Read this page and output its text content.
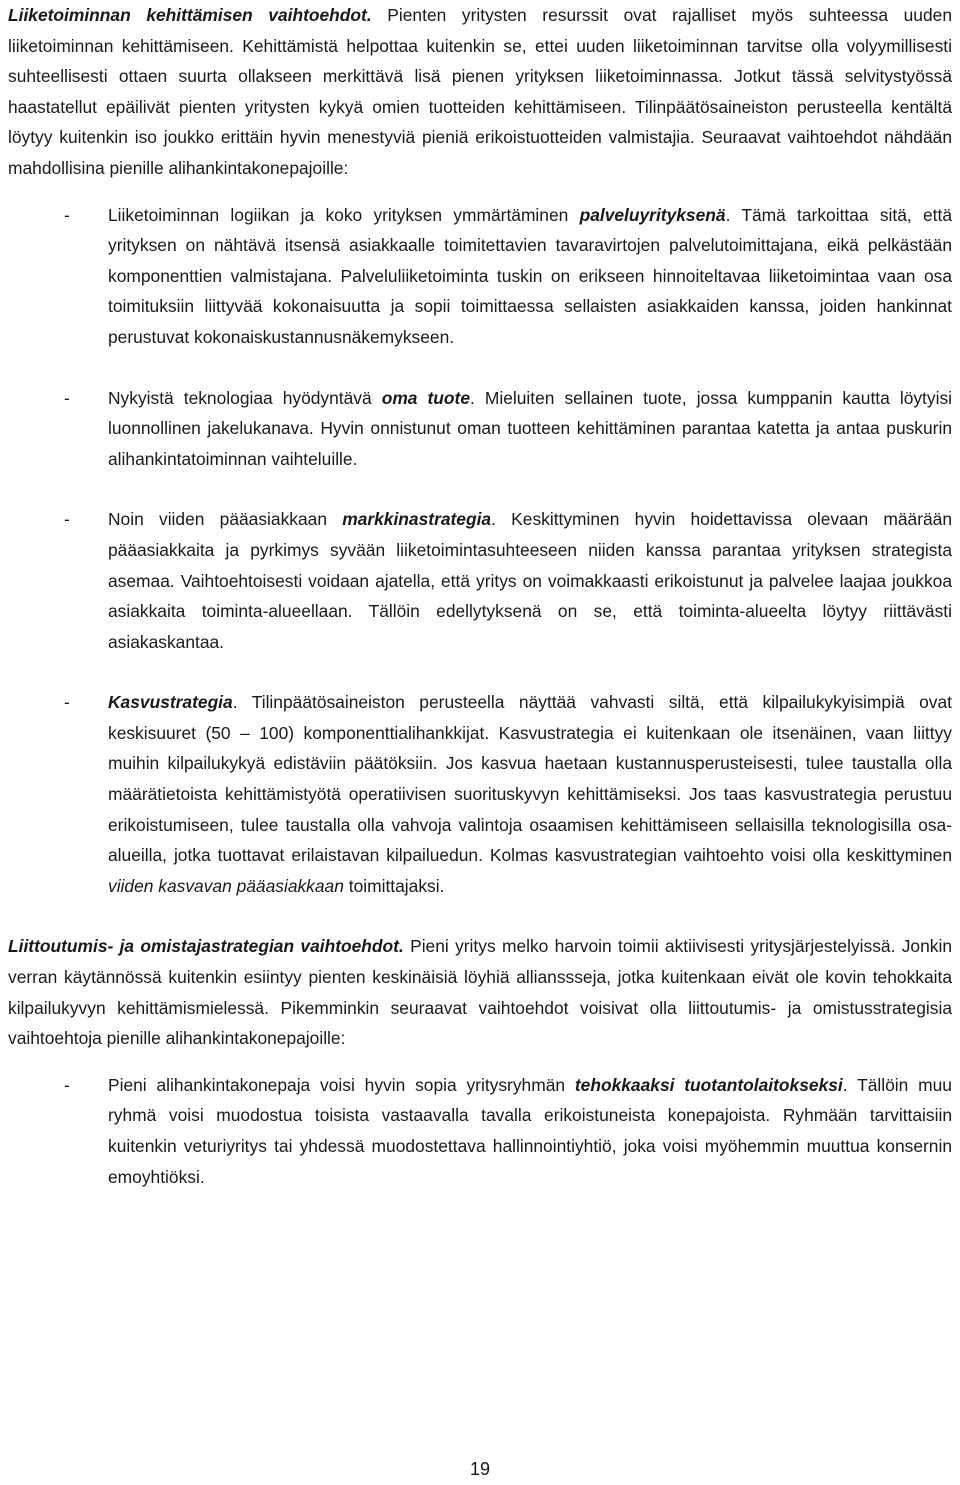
Liiketoiminnan kehittämisen vaihtoehdot. Pienten yritysten resurssit ovat rajalliset myös suhteessa uuden liiketoiminnan kehittämiseen. Kehittämistä helpottaa kuitenkin se, ettei uuden liiketoiminnan tarvitse olla volyymillisesti suhteellisesti ottaen suurta ollakseen merkittävä lisä pienen yrityksen liiketoiminnassa. Jotkut tässä selvitystyössä haastatellut epäilivät pienten yritysten kykyä omien tuotteiden kehittämiseen. Tilinpäätösaineiston perusteella kentältä löytyy kuitenkin iso joukko erittäin hyvin menestyviä pieniä erikoistuotteiden valmistajia. Seuraavat vaihtoehdot nähdään mahdollisina pienille alihankintakonepajoille:

- Liiketoiminnan logiikan ja koko yrityksen ymmärtäminen palveluyrityksenä. Tämä tarkoittaa sitä, että yrityksen on nähtävä itsensä asiakkaalle toimitettavien tavaravirtojen palvelutoimittajana, eikä pelkästään komponenttien valmistajana. Palveluliiketoiminta tuskin on erikseen hinnoiteltavaa liiketoimintaa vaan osa toimituksiin liittyvää kokonaisuutta ja sopii toimittaessa sellaisten asiakkaiden kanssa, joiden hankinnat perustuvat kokonaiskustannusnäkemykseen.
- Nykyistä teknologiaa hyödyntävä oma tuote. Mieluiten sellainen tuote, jossa kumppanin kautta löytyisi luonnollinen jakelukanava. Hyvin onnistunut oman tuotteen kehittäminen parantaa katetta ja antaa puskurin alihankintatoiminnan vaihteluille.
- Noin viiden pääasiakkaan markkinastrategia. Keskittyminen hyvin hoidettavissa olevaan määrään pääasiakkaita ja pyrkimys syvään liiketoimintasuhteeseen niiden kanssa parantaa yrityksen strategista asemaa. Vaihtoehtoisesti voidaan ajatella, että yritys on voimakkaasti erikoistunut ja palvelee laajaa joukkoa asiakkaita toiminta-alueellaan. Tällöin edellytyksenä on se, että toiminta-alueelta löytyy riittävästi asiakaskantaa.
- Kasvustrategia. Tilinpäätösaineiston perusteella näyttää vahvasti siltä, että kilpailukykyisimpiä ovat keskisuuret (50 – 100) komponenttialihankkijat. Kasvustrategia ei kuitenkaan ole itsenäinen, vaan liittyy muihin kilpailukykyä edistäviin päätöksiin. Jos kasvua haetaan kustannusperusteisesti, tulee taustalla olla määrätietoista kehittämistyötä operatiivisen suorituskyvyn kehittämiseksi. Jos taas kasvustrategia perustuu erikoistumiseen, tulee taustalla olla vahvoja valintoja osaamisen kehittämiseen sellaisilla teknologisilla osa-alueilla, jotka tuottavat erilaistavan kilpailuedun. Kolmas kasvustrategian vaihtoehto voisi olla keskittyminen viiden kasvavan pääasiakkaan toimittajaksi.

Liittoutumis- ja omistajastrategian vaihtoehdot. Pieni yritys melko harvoin toimii aktiivisesti yritysjärjestelyissä. Jonkin verran käytännössä kuitenkin esiintyy pienten keskinäisiä löyhiä allianssseja, jotka kuitenkaan eivät ole kovin tehokkaita kilpailukyvyn kehittämismielessä. Pikemminkin seuraavat vaihtoehdot voisivat olla liittoutumis- ja omistusstrategisia vaihtoehtoja pienille alihankintakonepajoille:

- Pieni alihankintakonepaja voisi hyvin sopia yritysryhmän tehokkaaksi tuotantolaitokseksi. Tällöin muu ryhmä voisi muodostua toisista vastaavalla tavalla erikoistuneista konepajoista. Ryhmään tarvittaisiin kuitenkin veturiyritys tai yhdessä muodostettava hallinnointiyhtiö, joka voisi myöhemmin muuttua konsernin emoyhtiöksi.
19
